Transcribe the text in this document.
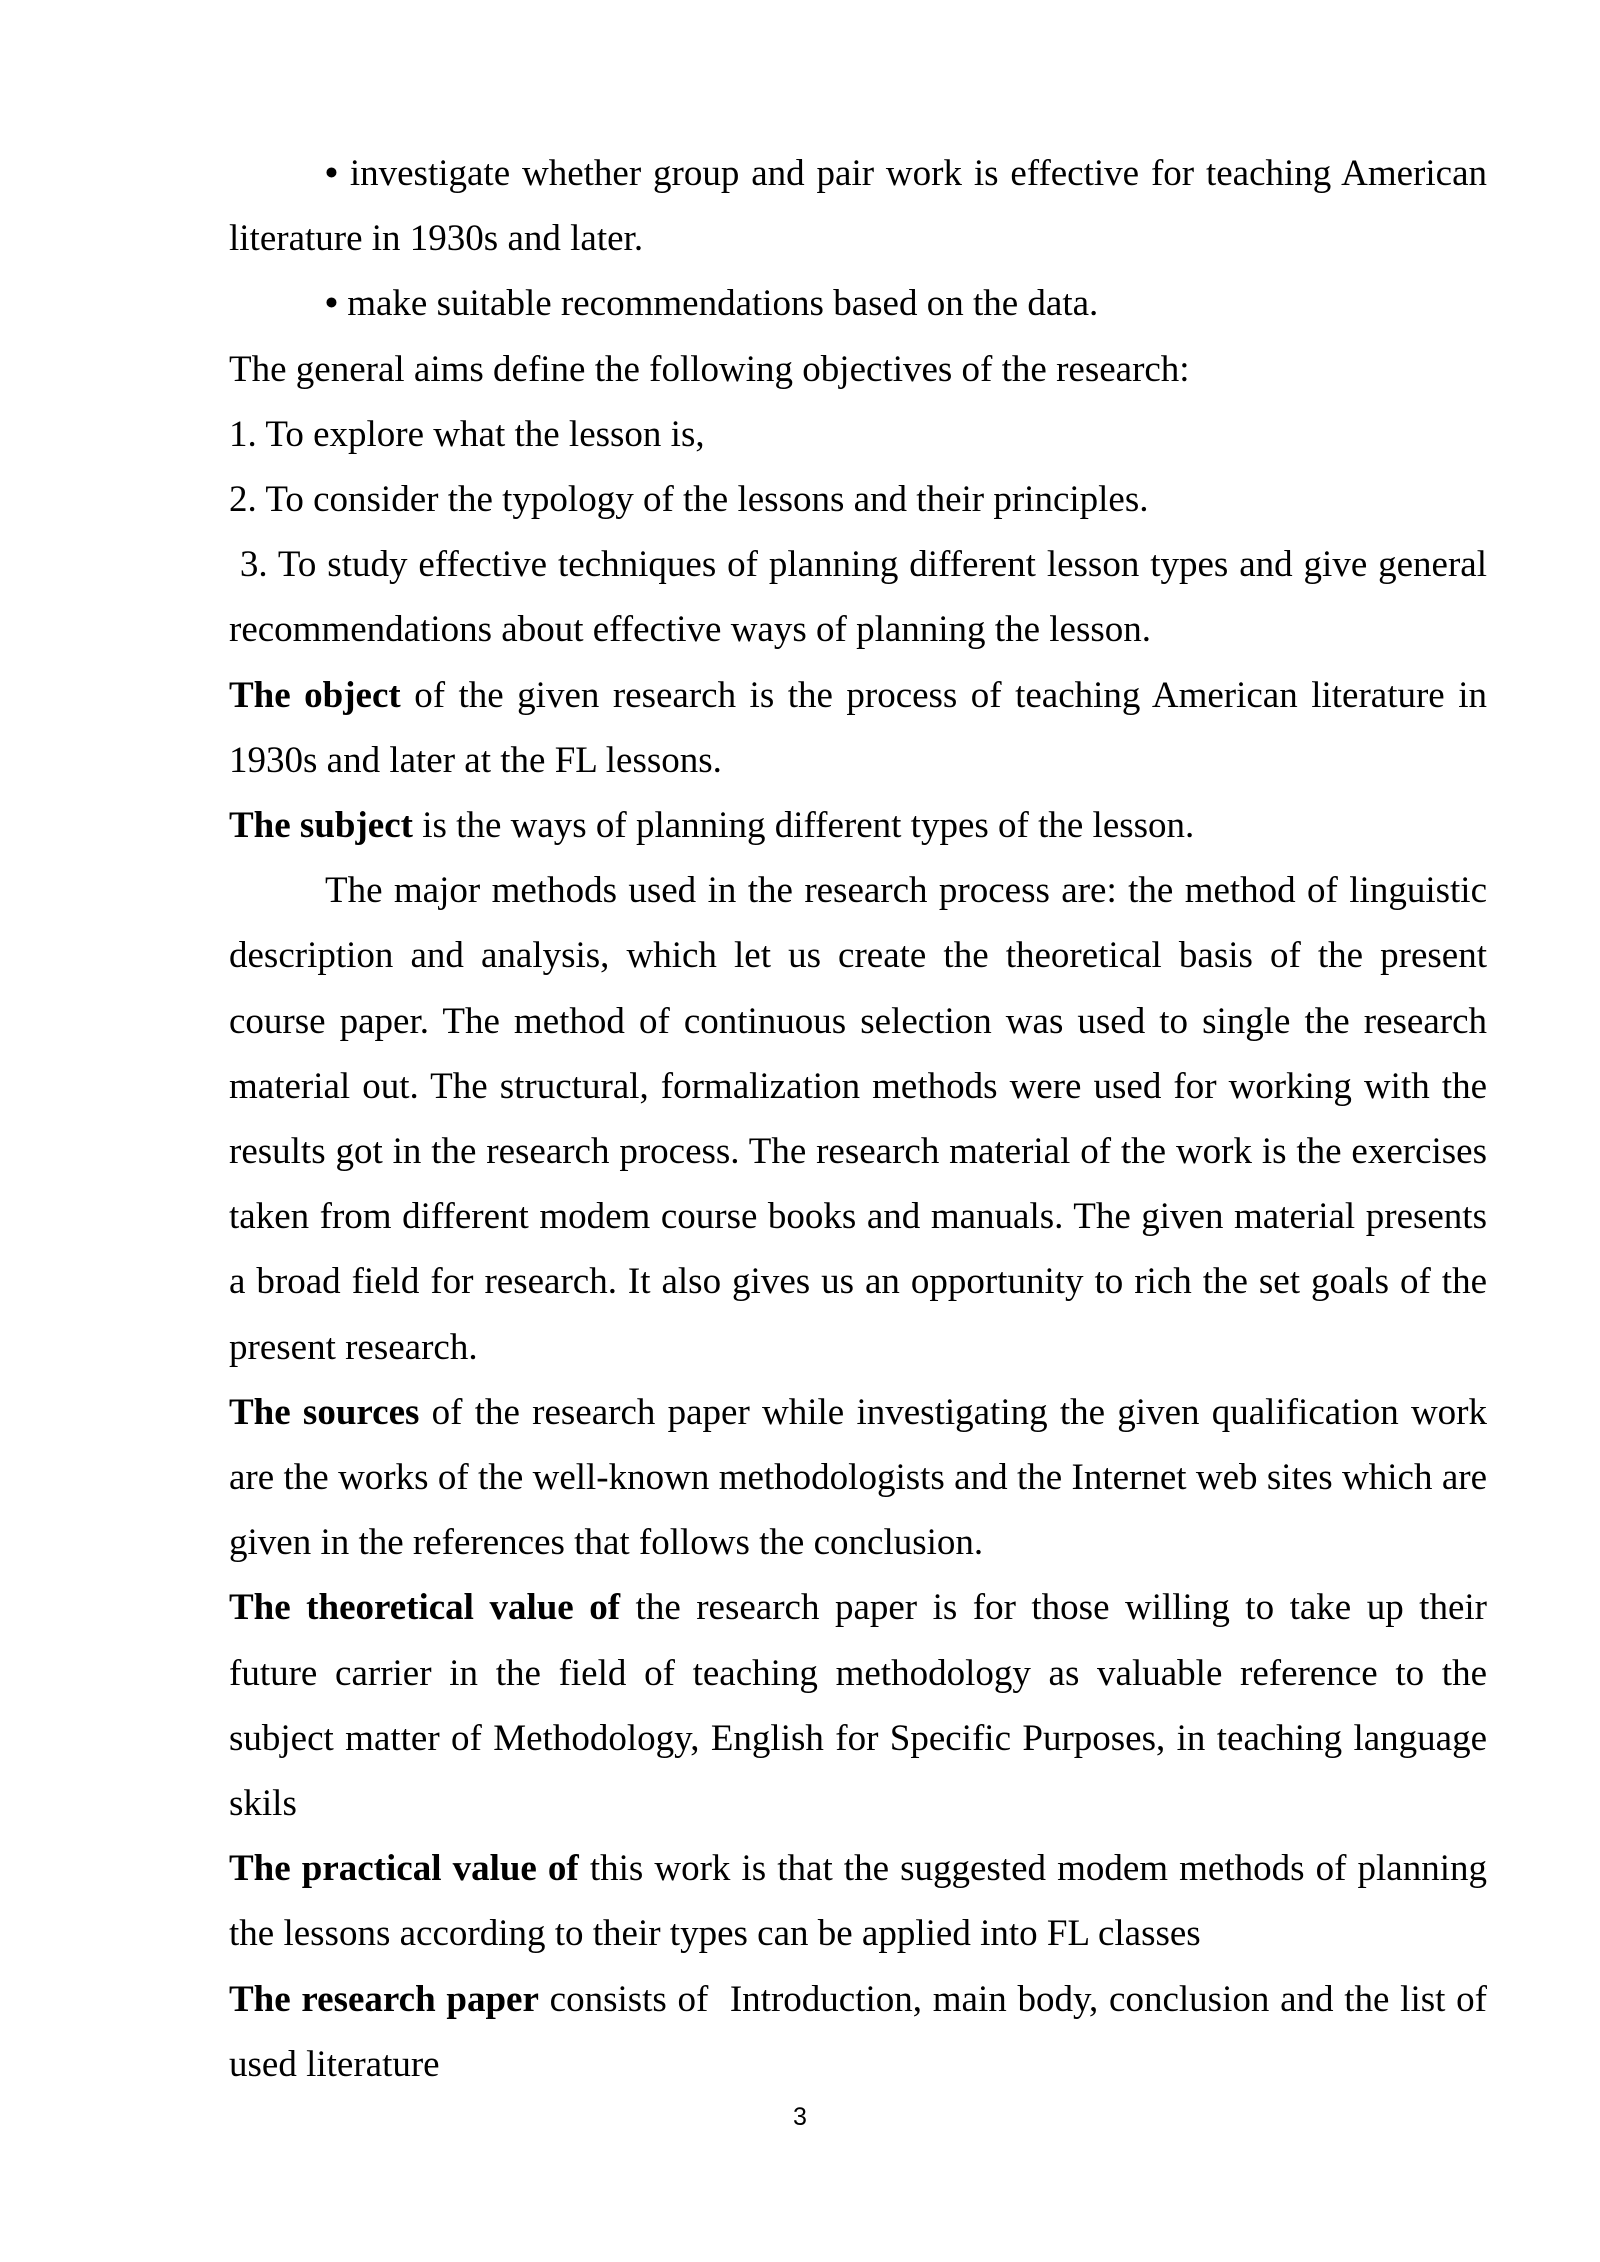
• investigate whether group and pair work is effective for teaching American literature in 1930s and later.

• make suitable recommendations based on the data.

The general aims define the following objectives of the research:

1. To explore what the lesson is,

2. To consider the typology of the lessons and their principles.

3. To study effective techniques of planning different lesson types and give general recommendations about effective ways of planning the lesson.

The object of the given research is the process of teaching American literature in 1930s and later at the FL lessons.

The subject is the ways of planning different types of the lesson.

The major methods used in the research process are: the method of linguistic description and analysis, which let us create the theoretical basis of the present course paper. The method of continuous selection was used to single the research material out. The structural, formalization methods were used for working with the results got in the research process. The research material of the work is the exercises taken from different modem course books and manuals. The given material presents a broad field for research. It also gives us an opportunity to rich the set goals of the present research.

The sources of the research paper while investigating the given qualification work are the works of the well-known methodologists and the Internet web sites which are given in the references that follows the conclusion.

The theoretical value of the research paper is for those willing to take up their future carrier in the field of teaching methodology as valuable reference to the subject matter of Methodology, English for Specific Purposes, in teaching language skils

The practical value of this work is that the suggested modem methods of planning the lessons according to their types can be applied into FL classes

The research paper consists of  Introduction, main body, conclusion and the list of used literature

3
